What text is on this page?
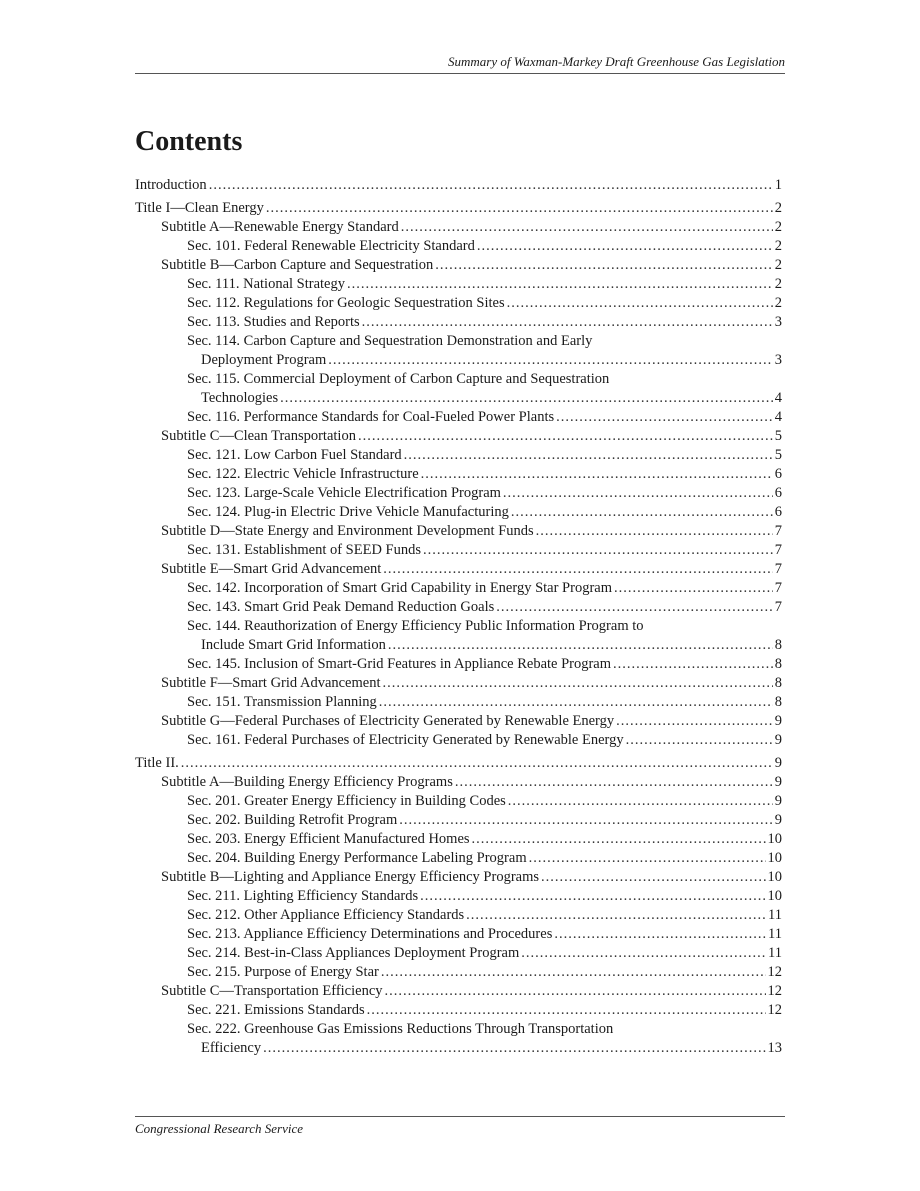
Summary of Waxman-Markey Draft Greenhouse Gas Legislation
Contents
Introduction .....	1
Title I—Clean Energy .....	2
Subtitle A—Renewable Energy Standard .....	2
Sec. 101. Federal Renewable Electricity Standard .....	2
Subtitle B—Carbon Capture and Sequestration .....	2
Sec. 111. National Strategy .....	2
Sec. 112. Regulations for Geologic Sequestration Sites .....	2
Sec. 113. Studies and Reports .....	3
Sec. 114. Carbon Capture and Sequestration Demonstration and Early
Deployment Program .....	3
Sec. 115. Commercial Deployment of Carbon Capture and Sequestration
Technologies .....	4
Sec. 116. Performance Standards for Coal-Fueled Power Plants .....	4
Subtitle C—Clean Transportation .....	5
Sec. 121. Low Carbon Fuel Standard .....	5
Sec. 122. Electric Vehicle Infrastructure .....	6
Sec. 123. Large-Scale Vehicle Electrification Program .....	6
Sec. 124. Plug-in Electric Drive Vehicle Manufacturing .....	6
Subtitle D—State Energy and Environment Development Funds .....	7
Sec. 131. Establishment of SEED Funds .....	7
Subtitle E—Smart Grid Advancement .....	7
Sec. 142. Incorporation of Smart Grid Capability in Energy Star Program .....	7
Sec. 143. Smart Grid Peak Demand Reduction Goals .....	7
Sec. 144. Reauthorization of Energy Efficiency Public Information Program to
Include Smart Grid Information .....	8
Sec. 145. Inclusion of Smart-Grid Features in Appliance Rebate Program .....	8
Subtitle F—Smart Grid Advancement .....	8
Sec. 151. Transmission Planning .....	8
Subtitle G—Federal Purchases of Electricity Generated by Renewable Energy .....	9
Sec. 161. Federal Purchases of Electricity Generated by Renewable Energy .....	9
Title II. .....	9
Subtitle A—Building Energy Efficiency Programs .....	9
Sec. 201. Greater Energy Efficiency in Building Codes .....	9
Sec. 202. Building Retrofit Program .....	9
Sec. 203. Energy Efficient Manufactured Homes .....	10
Sec. 204. Building Energy Performance Labeling Program .....	10
Subtitle B—Lighting and Appliance Energy Efficiency Programs .....	10
Sec. 211. Lighting Efficiency Standards .....	10
Sec. 212. Other Appliance Efficiency Standards .....	11
Sec. 213. Appliance Efficiency Determinations and Procedures .....	11
Sec. 214. Best-in-Class Appliances Deployment Program .....	11
Sec. 215. Purpose of Energy Star .....	12
Subtitle C—Transportation Efficiency .....	12
Sec. 221. Emissions Standards .....	12
Sec. 222. Greenhouse Gas Emissions Reductions Through Transportation
Efficiency .....	13
Congressional Research Service
